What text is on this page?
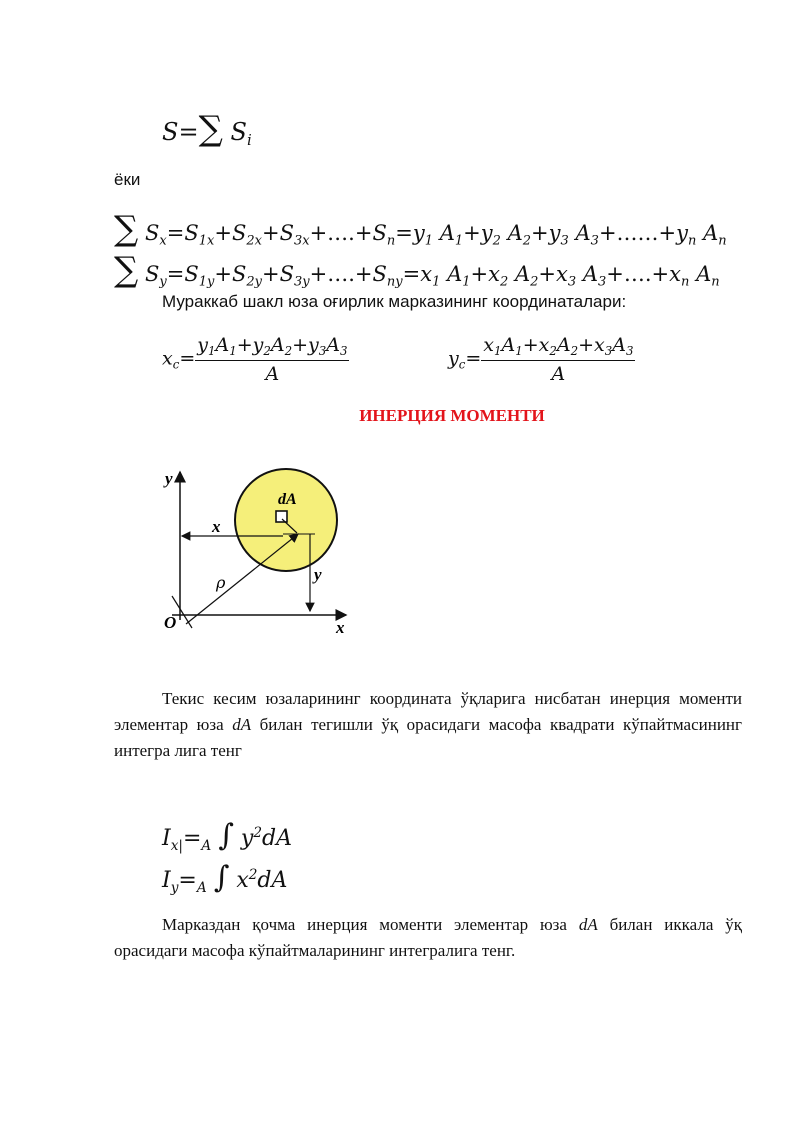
S=∑ $S_i$
ёки
∑ $S_x=S_{1x}+S_{2x}+S_{3x}+\dots.+S_n=y_1$ $A_1+y_2$ $A_2+y_3$ $A_3+\dots\dots+y_n$ $A_n$
∑ $S_y=S_{1y}+S_{2y}+S_{3y}+\dots.+S_{ny}=x_1$ $A_1+x_2$ $A_2+x_3$ $A_3+\dots.+x_n$ $A_n$
Мураккаб шакл юза оғирлик марказининг координаталари:
$x_c= \frac{y_1A_1+y_2A_2+y_3A_3}{A}$	$y_c= \frac{x_1A_1+x_2A_2+x_3A_3}{A}$
ИНЕРЦИЯ МОМЕНТИ
y
x
O
dA
x
y
ρ
Текис кесим юзаларининг координата ўқларига нисбатан инерция моменти элементар юза dA билан тегишли ўқ орасидаги масофа квадрати кўпайтмасининг интегра лига тенг
$I_{x|}=_A$ ∫ $y^2dA$
$I_y=_A$ ∫ $x^2dA$
Марказдан қочма инерция моменти элементар юза dA билан иккала ўқ орасидаги масофа кўпайтмаларининг интегралига тенг.
